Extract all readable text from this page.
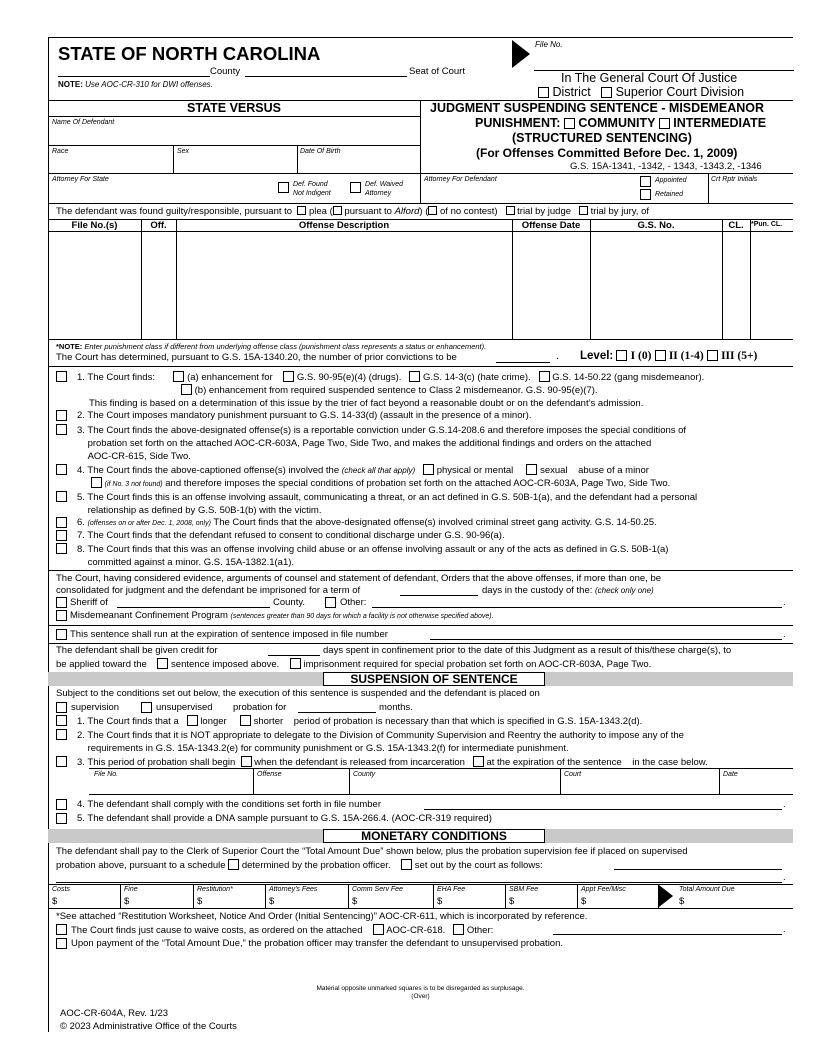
STATE OF NORTH CAROLINA
County	Seat of Court
NOTE: Use AOC-CR-310 for DWI offenses.
File No.
In The General Court Of Justice
District Superior Court Division
STATE VERSUS
Name Of Defendant
Race	Sex	Date Of Birth
Attorney For State
Def. Found
Not Indigent
Def. Waived
Attorney
Attorney For Defendant	Appointed
Retained
Crt Rptr Initials
JUDGMENT SUSPENDING SENTENCE - MISDEMEANOR
PUNISHMENT: COMMUNITY INTERMEDIATE
(STRUCTURED SENTENCING)
(For Offenses Committed Before Dec. 1, 2009)
G.S. 15A-1341, -1342, - 1343, -1343.2, -1346
The defendant was found guilty/responsible, pursuant to plea ( pursuant to Alford) ( of no contest) trial by judge trial by jury, of
File No.(s)	Off.	Offense Description	Offense Date	G.S. No.	CL.	*Pun. CL.
*NOTE: Enter punishment class if different from underlying offense class (punishment class represents a status or enhancement).
The Court has determined, pursuant to G.S. 15A-1340.20, the number of prior convictions to be	. Level: I (0) II (1-4) III (5+)
1. The Court finds:	(a) enhancement for	G.S. 90-95(e)(4) (drugs). G.S. 14-3(c) (hate crime). G.S. 14-50.22 (gang misdemeanor).
(b) enhancement from required suspended sentence to Class 2 misdemeanor. G.S. 90-95(e)(7).
This finding is based on a determination of this issue by the trier of fact beyond a reasonable doubt or on the defendant’s admission.
2. The Court imposes mandatory punishment pursuant to G.S. 14-33(d) (assault in the presence of a minor).
3. The Court finds the above-designated offense(s) is a reportable conviction under G.S.14-208.6 and therefore imposes the special conditions of
probation set forth on the attached AOC-CR-603A, Page Two, Side Two, and makes the additional findings and orders on the attached
AOC-CR-615, Side Two.
4. The Court finds the above-captioned offense(s) involved the (check all that apply) physical or mental	sexual abuse of a minor
(if No. 3 not found) and therefore imposes the special conditions of probation set forth on the attached AOC-CR-603A, Page Two, Side Two.
5. The Court finds this is an offense involving assault, communicating a threat, or an act defined in G.S. 50B-1(a), and the defendant had a personal
relationship as defined by G.S. 50B-1(b) with the victim.
6. (offenses on or after Dec. 1, 2008, only) The Court finds that the above-designated offense(s) involved criminal street gang activity. G.S. 14-50.25.
7. The Court finds that the defendant refused to consent to conditional discharge under G.S. 90-96(a).
8. The Court finds that this was an offense involving child abuse or an offense involving assault or any of the acts as defined in G.S. 50B-1(a)
committed against a minor. G.S. 15A-1382.1(a1).
The Court, having considered evidence, arguments of counsel and statement of defendant, Orders that the above offenses, if more than one, be
consolidated for judgment and the defendant be imprisoned for a term of	days in the custody of the: (check only one)
Sheriff of	County.	Other:	.
Misdemeanant Confinement Program (sentences greater than 90 days for which a facility is not otherwise specified above).
This sentence shall run at the expiration of sentence imposed in file number	.
The defendant shall be given credit for	days spent in confinement prior to the date of this Judgment as a result of this/these charge(s), to
be applied toward the	sentence imposed above.	imprisonment required for special probation set forth on AOC-CR-603A, Page Two.
SUSPENSION OF SENTENCE
Subject to the conditions set out below, the execution of this sentence is suspended and the defendant is placed on
supervision	unsupervised probation for	months.
1. The Court finds that a longer	shorter period of probation is necessary than that which is specified in G.S. 15A-1343.2(d).
2. The Court finds that it is NOT appropriate to delegate to the Division of Community Supervision and Reentry the authority to impose any of the
requirements in G.S. 15A-1343.2(e) for community punishment or G.S. 15A-1343.2(f) for intermediate punishment.
3. This period of probation shall begin when the defendant is released from incarceration at the expiration of the sentence in the case below.
File No.	Offense	County	Court	Date
4. The defendant shall comply with the conditions set forth in file number	.
5. The defendant shall provide a DNA sample pursuant to G.S. 15A-266.4. (AOC-CR-319 required)
MONETARY CONDITIONS
The defendant shall pay to the Clerk of Superior Court the “Total Amount Due” shown below, plus the probation supervision fee if placed on supervised
probation above, pursuant to a schedule determined by the probation officer.	set out by the court as follows:
.
Costs
$
Fine
$
Restitution*
$
Attorney's Fees
$
Comm Serv Fee
$
EHA Fee
$
SBM Fee
$
Appt Fee/Misc
$
Total Amount Due
$
*See attached “Restitution Worksheet, Notice And Order (Initial Sentencing)” AOC-CR-611, which is incorporated by reference.
The Court finds just cause to waive costs, as ordered on the attached AOC-CR-618. Other:	.
Upon payment of the “Total Amount Due,” the probation officer may transfer the defendant to unsupervised probation.
Material opposite unmarked squares is to be disregarded as surplusage.
(Over)
AOC-CR-604A, Rev. 1/23
© 2023 Administrative Office of the Courts
